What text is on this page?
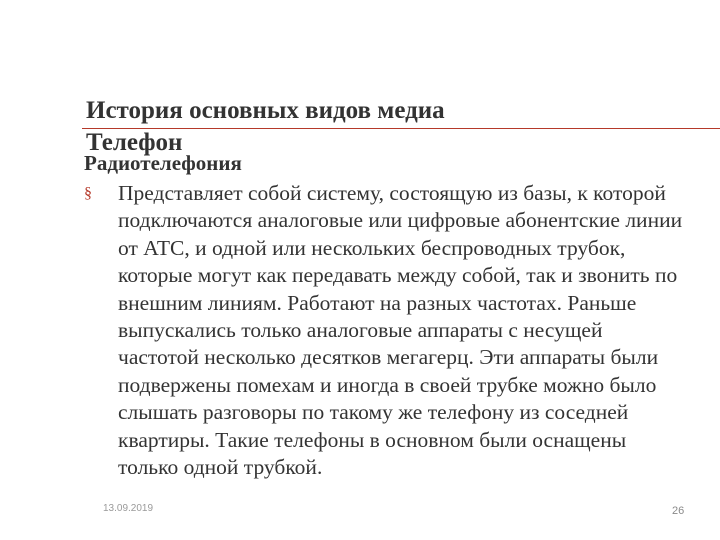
История основных видов медиа
Телефон
Радиотелефония
§	Представляет собой систему, состоящую из базы, к которой подключаются аналоговые или цифровые абонентские линии от АТС, и одной или нескольких беспроводных трубок, которые могут как передавать между собой, так и звонить по внешним линиям. Работают на разных частотах. Раньше выпускались только аналоговые аппараты с несущей частотой несколько десятков мегагерц. Эти аппараты были подвержены помехам и иногда в своей трубке можно было слышать разговоры по такому же телефону из соседней квартиры. Такие телефоны в основном были оснащены только одной трубкой.
13.09.2019	26
